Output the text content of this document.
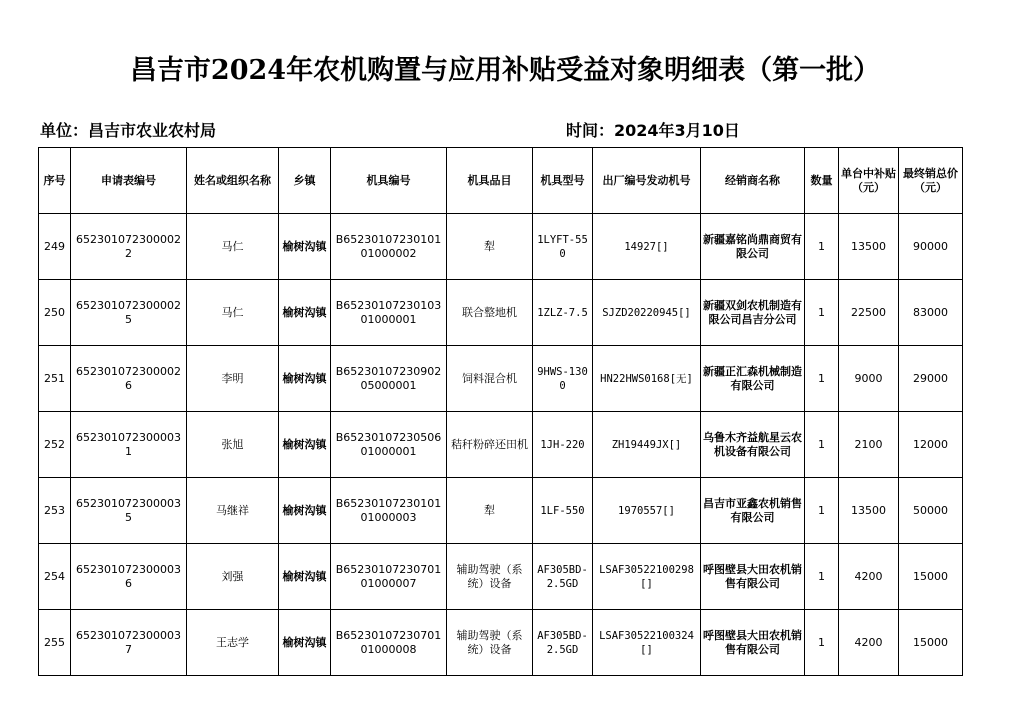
昌吉市2024年农机购置与应用补贴受益对象明细表（第一批）
单位：昌吉市农业农村局	时间：2024年3月10日
序号	申请表编号	姓名或组织名称	乡镇	机具编号	机具品目	机具型号	出厂编号发动机号	经销商名称	数量	单台中补贴（元）	最终销总价（元）
249	6523010723000022	马仁	榆树沟镇	B6523010723010101000002	犁	1LYFT-550	14927[]	新疆嘉铭尚鼎商贸有限公司	1	13500	90000
250	6523010723000025	马仁	榆树沟镇	B6523010723010301000001	联合整地机	1ZLZ-7.5	SJZD20220945[]	新疆双剑农机制造有限公司昌吉分公司	1	22500	83000
251	6523010723000026	李明	榆树沟镇	B6523010723090205000001	饲料混合机	9HWS-1300	HN22HWS0168[无]	新疆正汇森机械制造有限公司	1	9000	29000
252	6523010723000031	张旭	榆树沟镇	B6523010723050601000001	秸秆粉碎还田机	1JH-220	ZH19449JX[]	乌鲁木齐益航星云农机设备有限公司	1	2100	12000
253	6523010723000035	马继祥	榆树沟镇	B6523010723010101000003	犁	1LF-550	1970557[]	昌吉市亚鑫农机销售有限公司	1	13500	50000
254	6523010723000036	刘强	榆树沟镇	B6523010723070101000007	辅助驾驶（系统）设备	AF305BD-2.5GD	LSAF30522100298[]	呼图壁县大田农机销售有限公司	1	4200	15000
255	6523010723000037	王志学	榆树沟镇	B6523010723070101000008	辅助驾驶（系统）设备	AF305BD-2.5GD	LSAF30522100324[]	呼图壁县大田农机销售有限公司	1	4200	15000
